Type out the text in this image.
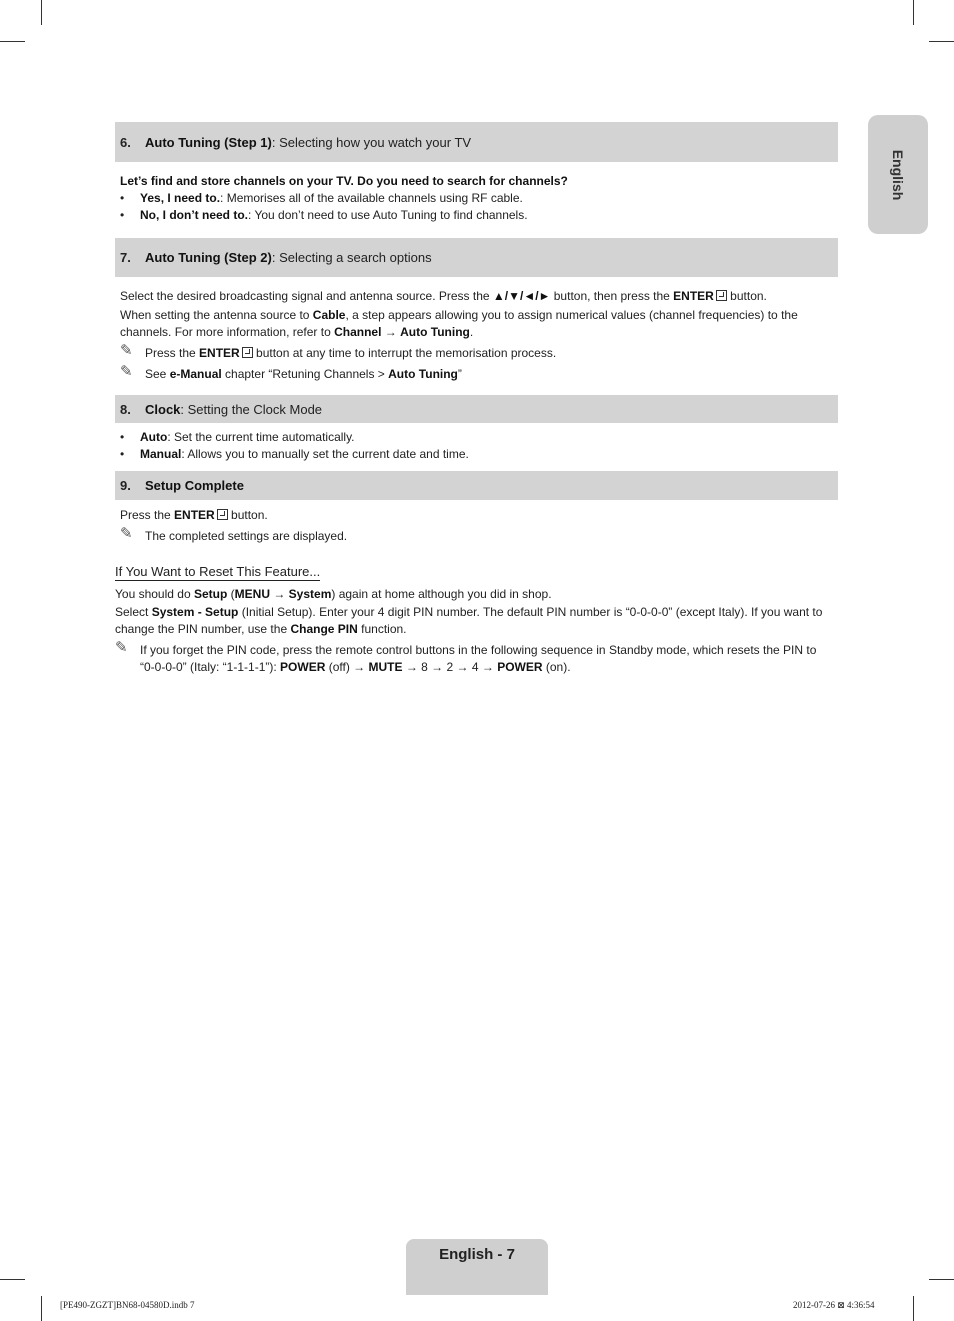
English
6.	Auto Tuning (Step 1): Selecting how you watch your TV
Let’s find and store channels on your TV. Do you need to search for channels?
• Yes, I need to.: Memorises all of the available channels using RF cable.
• No, I don’t need to.: You don’t need to use Auto Tuning to find channels.
7.	Auto Tuning (Step 2): Selecting a search options
Select the desired broadcasting signal and antenna source. Press the ▲/▼/◄/► button, then press the ENTER button.
When setting the antenna source to Cable, a step appears allowing you to assign numerical values (channel frequencies) to the
channels. For more information, refer to Channel → Auto Tuning.
✎ Press the ENTER button at any time to interrupt the memorisation process.
✎ See e-Manual chapter “Retuning Channels > Auto Tuning”
8.	Clock: Setting the Clock Mode
• Auto: Set the current time automatically.
• Manual: Allows you to manually set the current date and time.
9.	Setup Complete
Press the ENTER button.
✎ The completed settings are displayed.
If You Want to Reset This Feature...
You should do Setup (MENU → System) again at home although you did in shop.
Select System - Setup (Initial Setup). Enter your 4 digit PIN number. The default PIN number is “0-0-0-0” (except Italy). If you want to
change the PIN number, use the Change PIN function.
✎ If you forget the PIN code, press the remote control buttons in the following sequence in Standby mode, which resets the PIN to
“0-0-0-0” (Italy: “1-1-1-1”): POWER (off) → MUTE → 8 → 2 → 4 → POWER (on).
English - 7
[PE490-ZGZT]BN68-04580D.indb 7	2012-07-26 ⊠ 4:36:54
